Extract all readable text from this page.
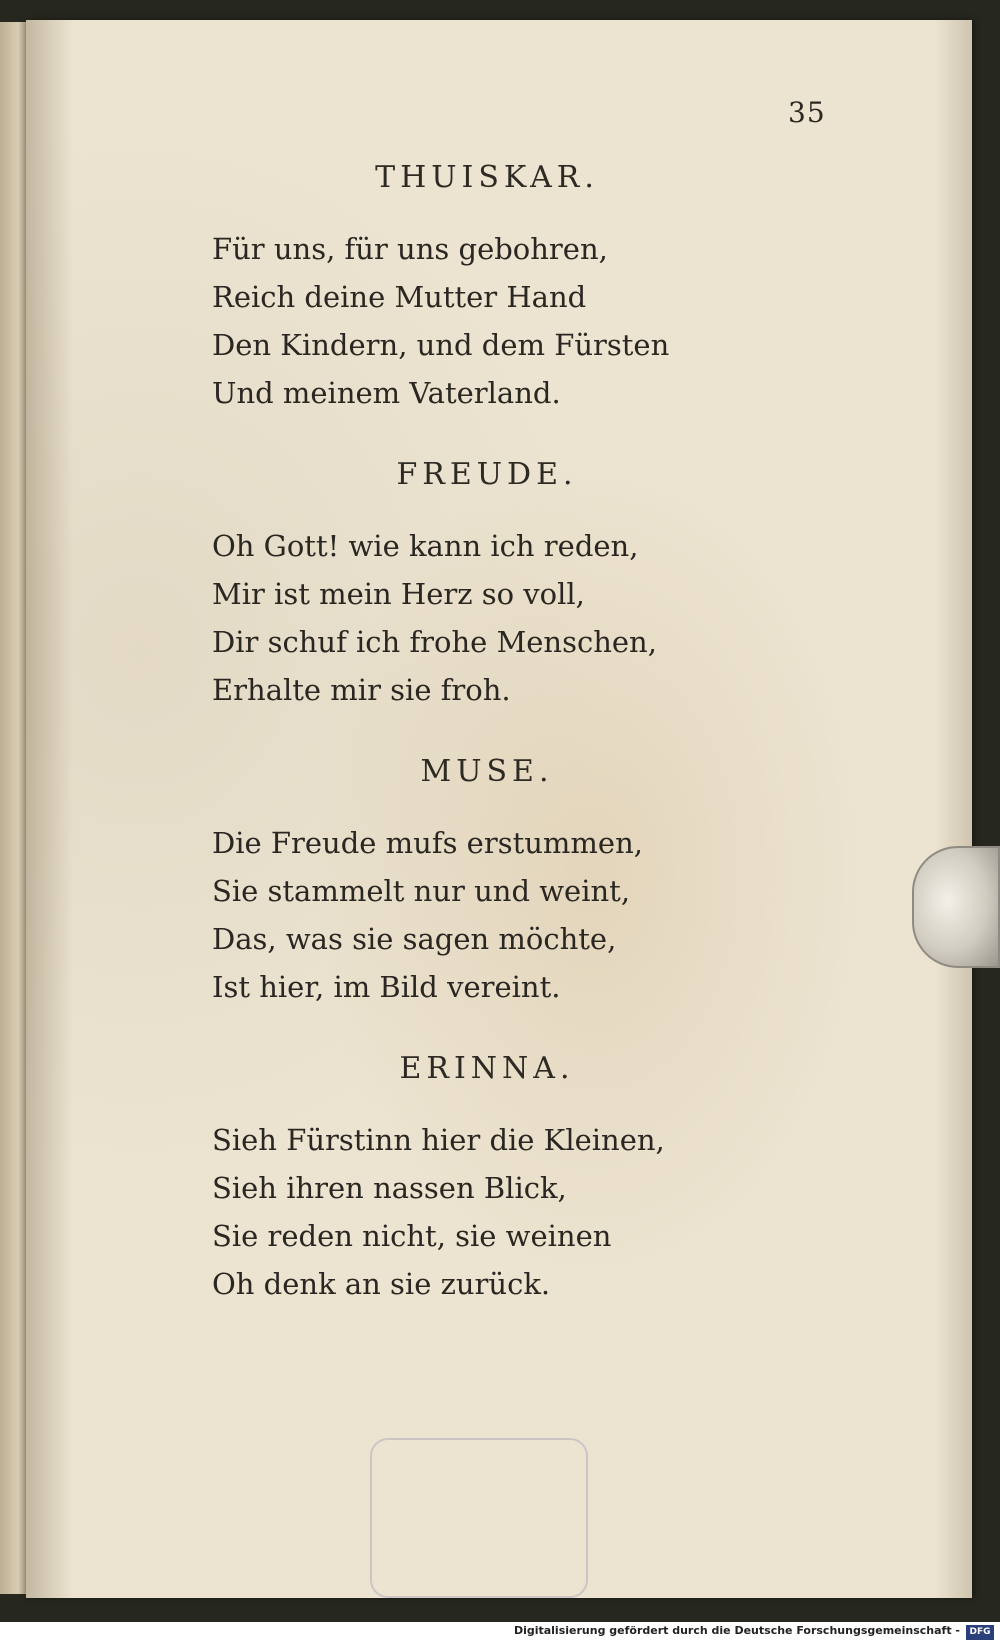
35
THUISKAR.
Für uns, für uns gebohren,
Reich deine Mutter Hand
Den Kindern, und dem Fürsten
Und meinem Vaterland.
FREUDE.
Oh Gott! wie kann ich reden,
Mir ist mein Herz so voll,
Dir schuf ich frohe Menschen,
Erhalte mir sie froh.
MUSE.
Die Freude mufs erstummen,
Sie stammelt nur und weint,
Das, was sie sagen möchte,
Ist hier, im Bild vereint.
ERINNA.
Sieh Fürstinn hier die Kleinen,
Sieh ihren nassen Blick,
Sie reden nicht, sie weinen
Oh denk an sie zurück.
Digitalisierung gefördert durch die Deutsche Forschungsgemeinschaft -	DFG
